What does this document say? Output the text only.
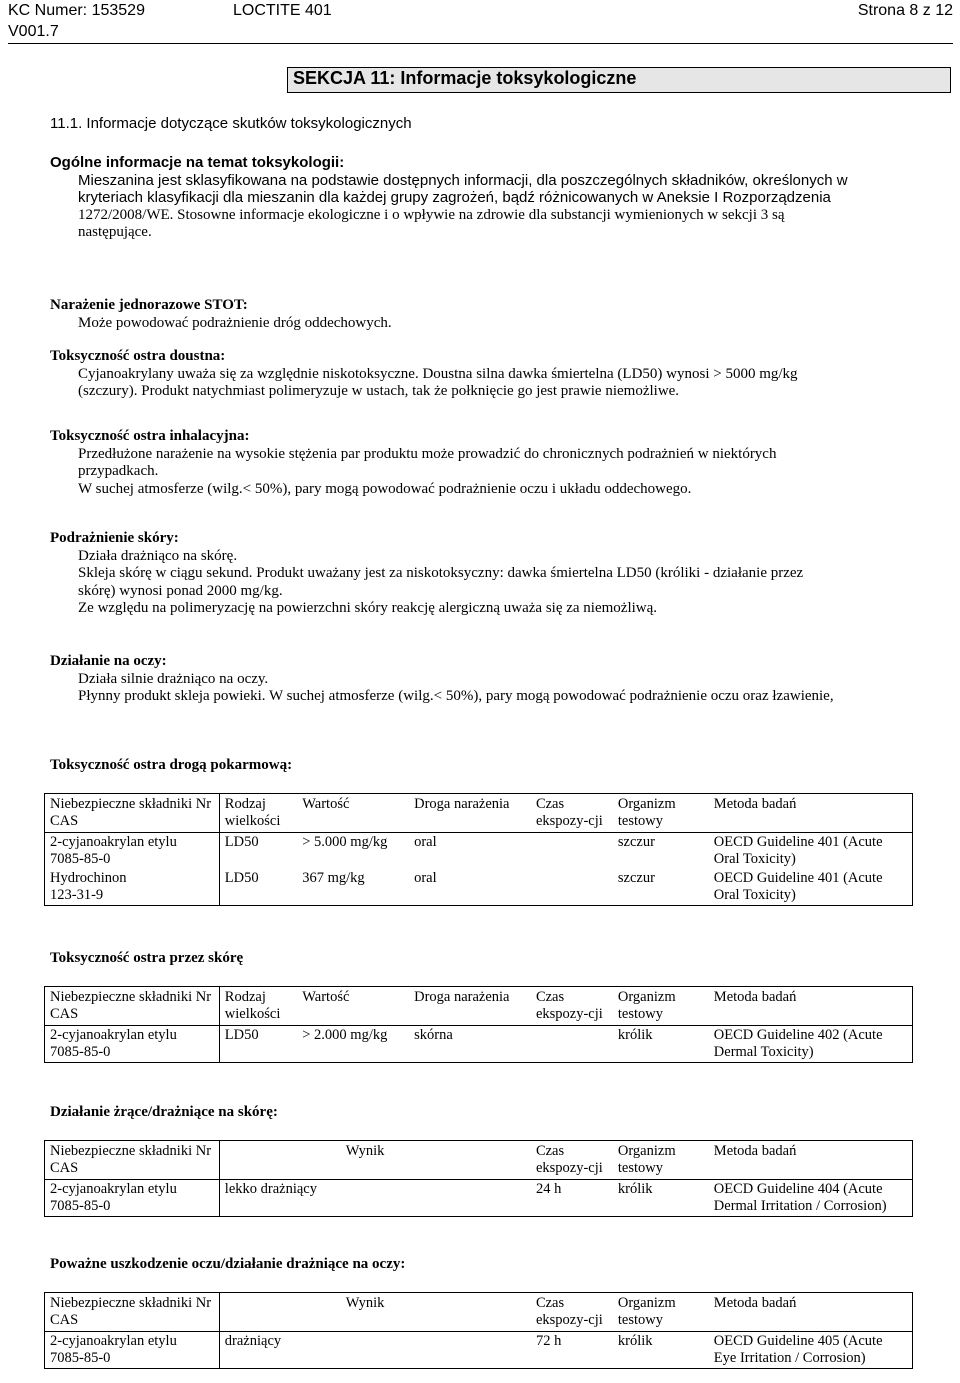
KC Numer: 153529
V001.7
LOCTITE 401	Strona 8 z 12
SEKCJA 11: Informacje toksykologiczne
11.1. Informacje dotyczące skutków toksykologicznych
Ogólne informacje na temat toksykologii:
Mieszanina jest sklasyfikowana na podstawie dostępnych informacji, dla poszczególnych składników, określonych w
kryteriach klasyfikacji dla mieszanin dla każdej grupy zagrożeń, bądź różnicowanych w Aneksie I Rozporządzenia
1272/2008/WE. Stosowne informacje ekologiczne i o wpływie na zdrowie dla substancji wymienionych w sekcji 3 są
następujące.
Narażenie jednorazowe STOT:
Może powodować podrażnienie dróg oddechowych.
Toksyczność ostra doustna:
Cyjanoakrylany uważa się za względnie niskotoksyczne. Doustna silna dawka śmiertelna (LD50) wynosi > 5000 mg/kg
(szczury). Produkt natychmiast polimeryzuje w ustach, tak że połknięcie go jest prawie niemożliwe.
Toksyczność ostra inhalacyjna:
Przedłużone narażenie na wysokie stężenia par produktu może prowadzić do chronicznych podrażnień w niektórych
przypadkach.
W suchej atmosferze (wilg.< 50%), pary mogą powodować podrażnienie oczu i układu oddechowego.
Podrażnienie skóry:
Działa drażniąco na skórę.
Skleja skórę w ciągu sekund. Produkt uważany jest za niskotoksyczny: dawka śmiertelna LD50 (króliki - działanie przez
skórę) wynosi ponad 2000 mg/kg.
Ze względu na polimeryzację na powierzchni skóry reakcję alergiczną uważa się za niemożliwą.
Działanie na oczy:
Działa silnie drażniąco na oczy.
Płynny produkt skleja powieki. W suchej atmosferze (wilg.< 50%), pary mogą powodować podrażnienie oczu oraz łzawienie,
Toksyczność ostra drogą pokarmową:
Niebezpieczne składniki Nr CAS	Rodzaj wielkości	Wartość	Droga narażenia	Czas ekspozy-cji	Organizm testowy	Metoda badań

2-cyjanoakrylan etylu
7085-85-0	LD50	> 5.000 mg/kg	oral		szczur	OECD Guideline 401 (Acute
Oral Toxicity)

Hydrochinon
123-31-9	LD50	367 mg/kg	oral		szczur	OECD Guideline 401 (Acute
Oral Toxicity)
Toksyczność ostra przez skórę
Niebezpieczne składniki Nr CAS	Rodzaj wielkości	Wartość	Droga narażenia	Czas ekspozy-cji	Organizm testowy	Metoda badań

2-cyjanoakrylan etylu
7085-85-0	LD50	> 2.000 mg/kg	skórna		królik	OECD Guideline 402 (Acute
Dermal Toxicity)
Działanie żrące/drażniące na skórę:
Niebezpieczne składniki Nr CAS	Wynik	Czas ekspozy-cji	Organizm testowy	Metoda badań

2-cyjanoakrylan etylu
7085-85-0	lekko drażniący	24 h	królik	OECD Guideline 404 (Acute
Dermal Irritation / Corrosion)
Poważne uszkodzenie oczu/działanie drażniące na oczy:
Niebezpieczne składniki Nr CAS	Wynik	Czas ekspozy-cji	Organizm testowy	Metoda badań

2-cyjanoakrylan etylu
7085-85-0	drażniący	72 h	królik	OECD Guideline 405 (Acute
Eye Irritation / Corrosion)
